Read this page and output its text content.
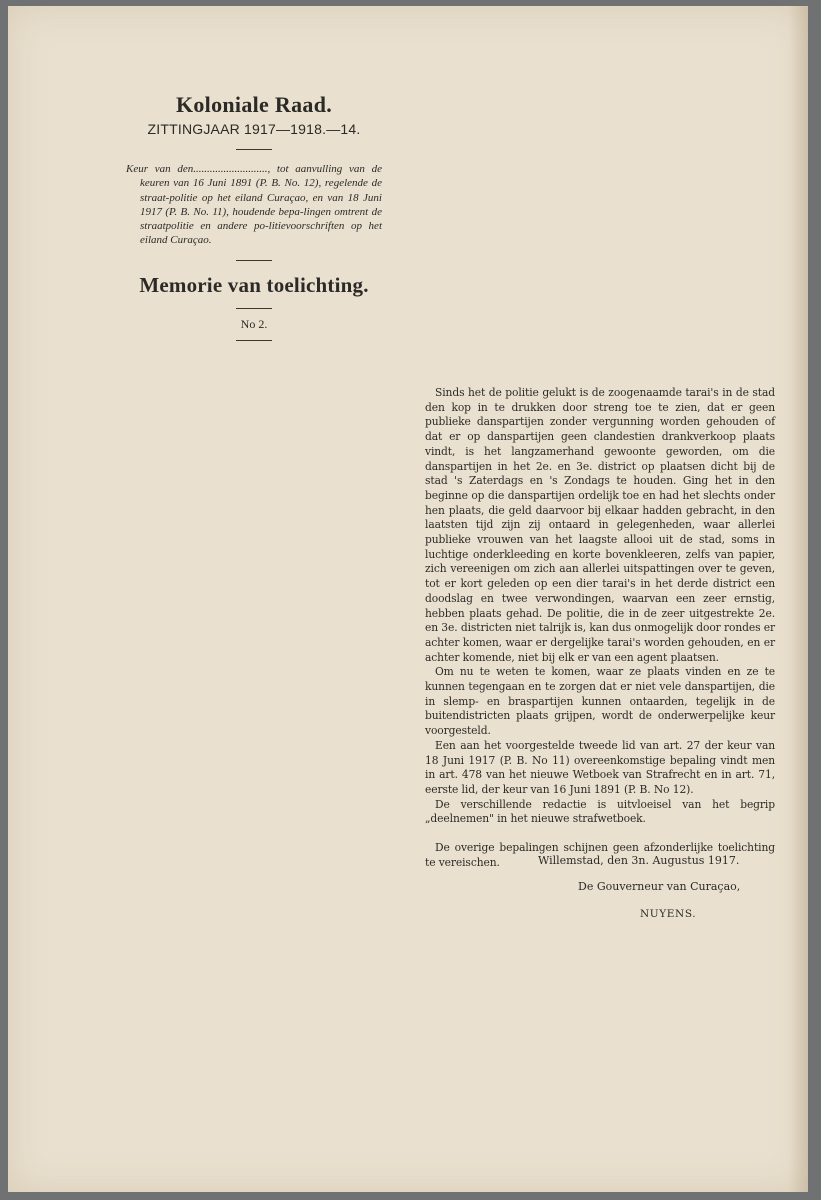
Koloniale Raad.
ZITTINGJAAR 1917—1918.—14.
Keur van den..........................., tot aanvulling van de keuren van 16 Juni 1891 (P. B. No. 12), regelende de straat-politie op het eiland Curaçao, en van 18 Juni 1917 (P. B. No. 11), houdende bepa-lingen omtrent de straatpolitie en andere po-litievoorschriften op het eiland Curaçao.
Memorie van toelichting.
No 2.

Sinds het de politie gelukt is de zoogenaamde tarai's in de stad den kop in te drukken door streng toe te zien, dat er geen publieke danspartijen zonder vergunning worden gehouden of dat er op danspartijen geen clandestien drankverkoop plaats vindt, is het langzamerhand gewoonte geworden, om die danspartijen in het 2e. en 3e. district op plaatsen dicht bij de stad 's Zaterdags en 's Zondags te houden. Ging het in den beginne op die danspartijen ordelijk toe en had het slechts onder hen plaats, die geld daarvoor bij elkaar hadden gebracht, in den laatsten tijd zijn zij ontaard in gelegenheden, waar allerlei publieke vrouwen van het laagste allooi uit de stad, soms in luchtige onderkleeding en korte bovenkleeren, zelfs van papier, zich vereenigen om zich aan allerlei uitspattingen over te geven, tot er kort geleden op een dier tarai's in het derde district een doodslag en twee verwondingen, waarvan een zeer ernstig, hebben plaats gehad. De politie, die in de zeer uitgestrekte 2e. en 3e. districten niet talrijk is, kan dus onmogelijk door rondes er achter komen, waar er dergelijke tarai's worden gehouden, en er achter komende, niet bij elk er van een agent plaatsen.

Om nu te weten te komen, waar ze plaats vinden en ze te kunnen tegengaan en te zorgen dat er niet vele danspartijen, die in slemp- en braspartijen kunnen ontaarden, tegelijk in de buitendistricten plaats grijpen, wordt de onderwerpelijke keur voorgesteld.

Een aan het voorgestelde tweede lid van art. 27 der keur van 18 Juni 1917 (P. B. No 11) overeenkomstige bepaling vindt men in art. 478 van het nieuwe Wetboek van Strafrecht en in art. 71, eerste lid, der keur van 16 Juni 1891 (P. B. No 12).

De verschillende redactie is uitvloeisel van het begrip „deelnemen" in het nieuwe strafwetboek.

De overige bepalingen schijnen geen afzonderlijke toelichting te vereischen.	Willemstad, den 3n. Augustus 1917.
De Gouverneur van Curaçao,
NUYENS.
